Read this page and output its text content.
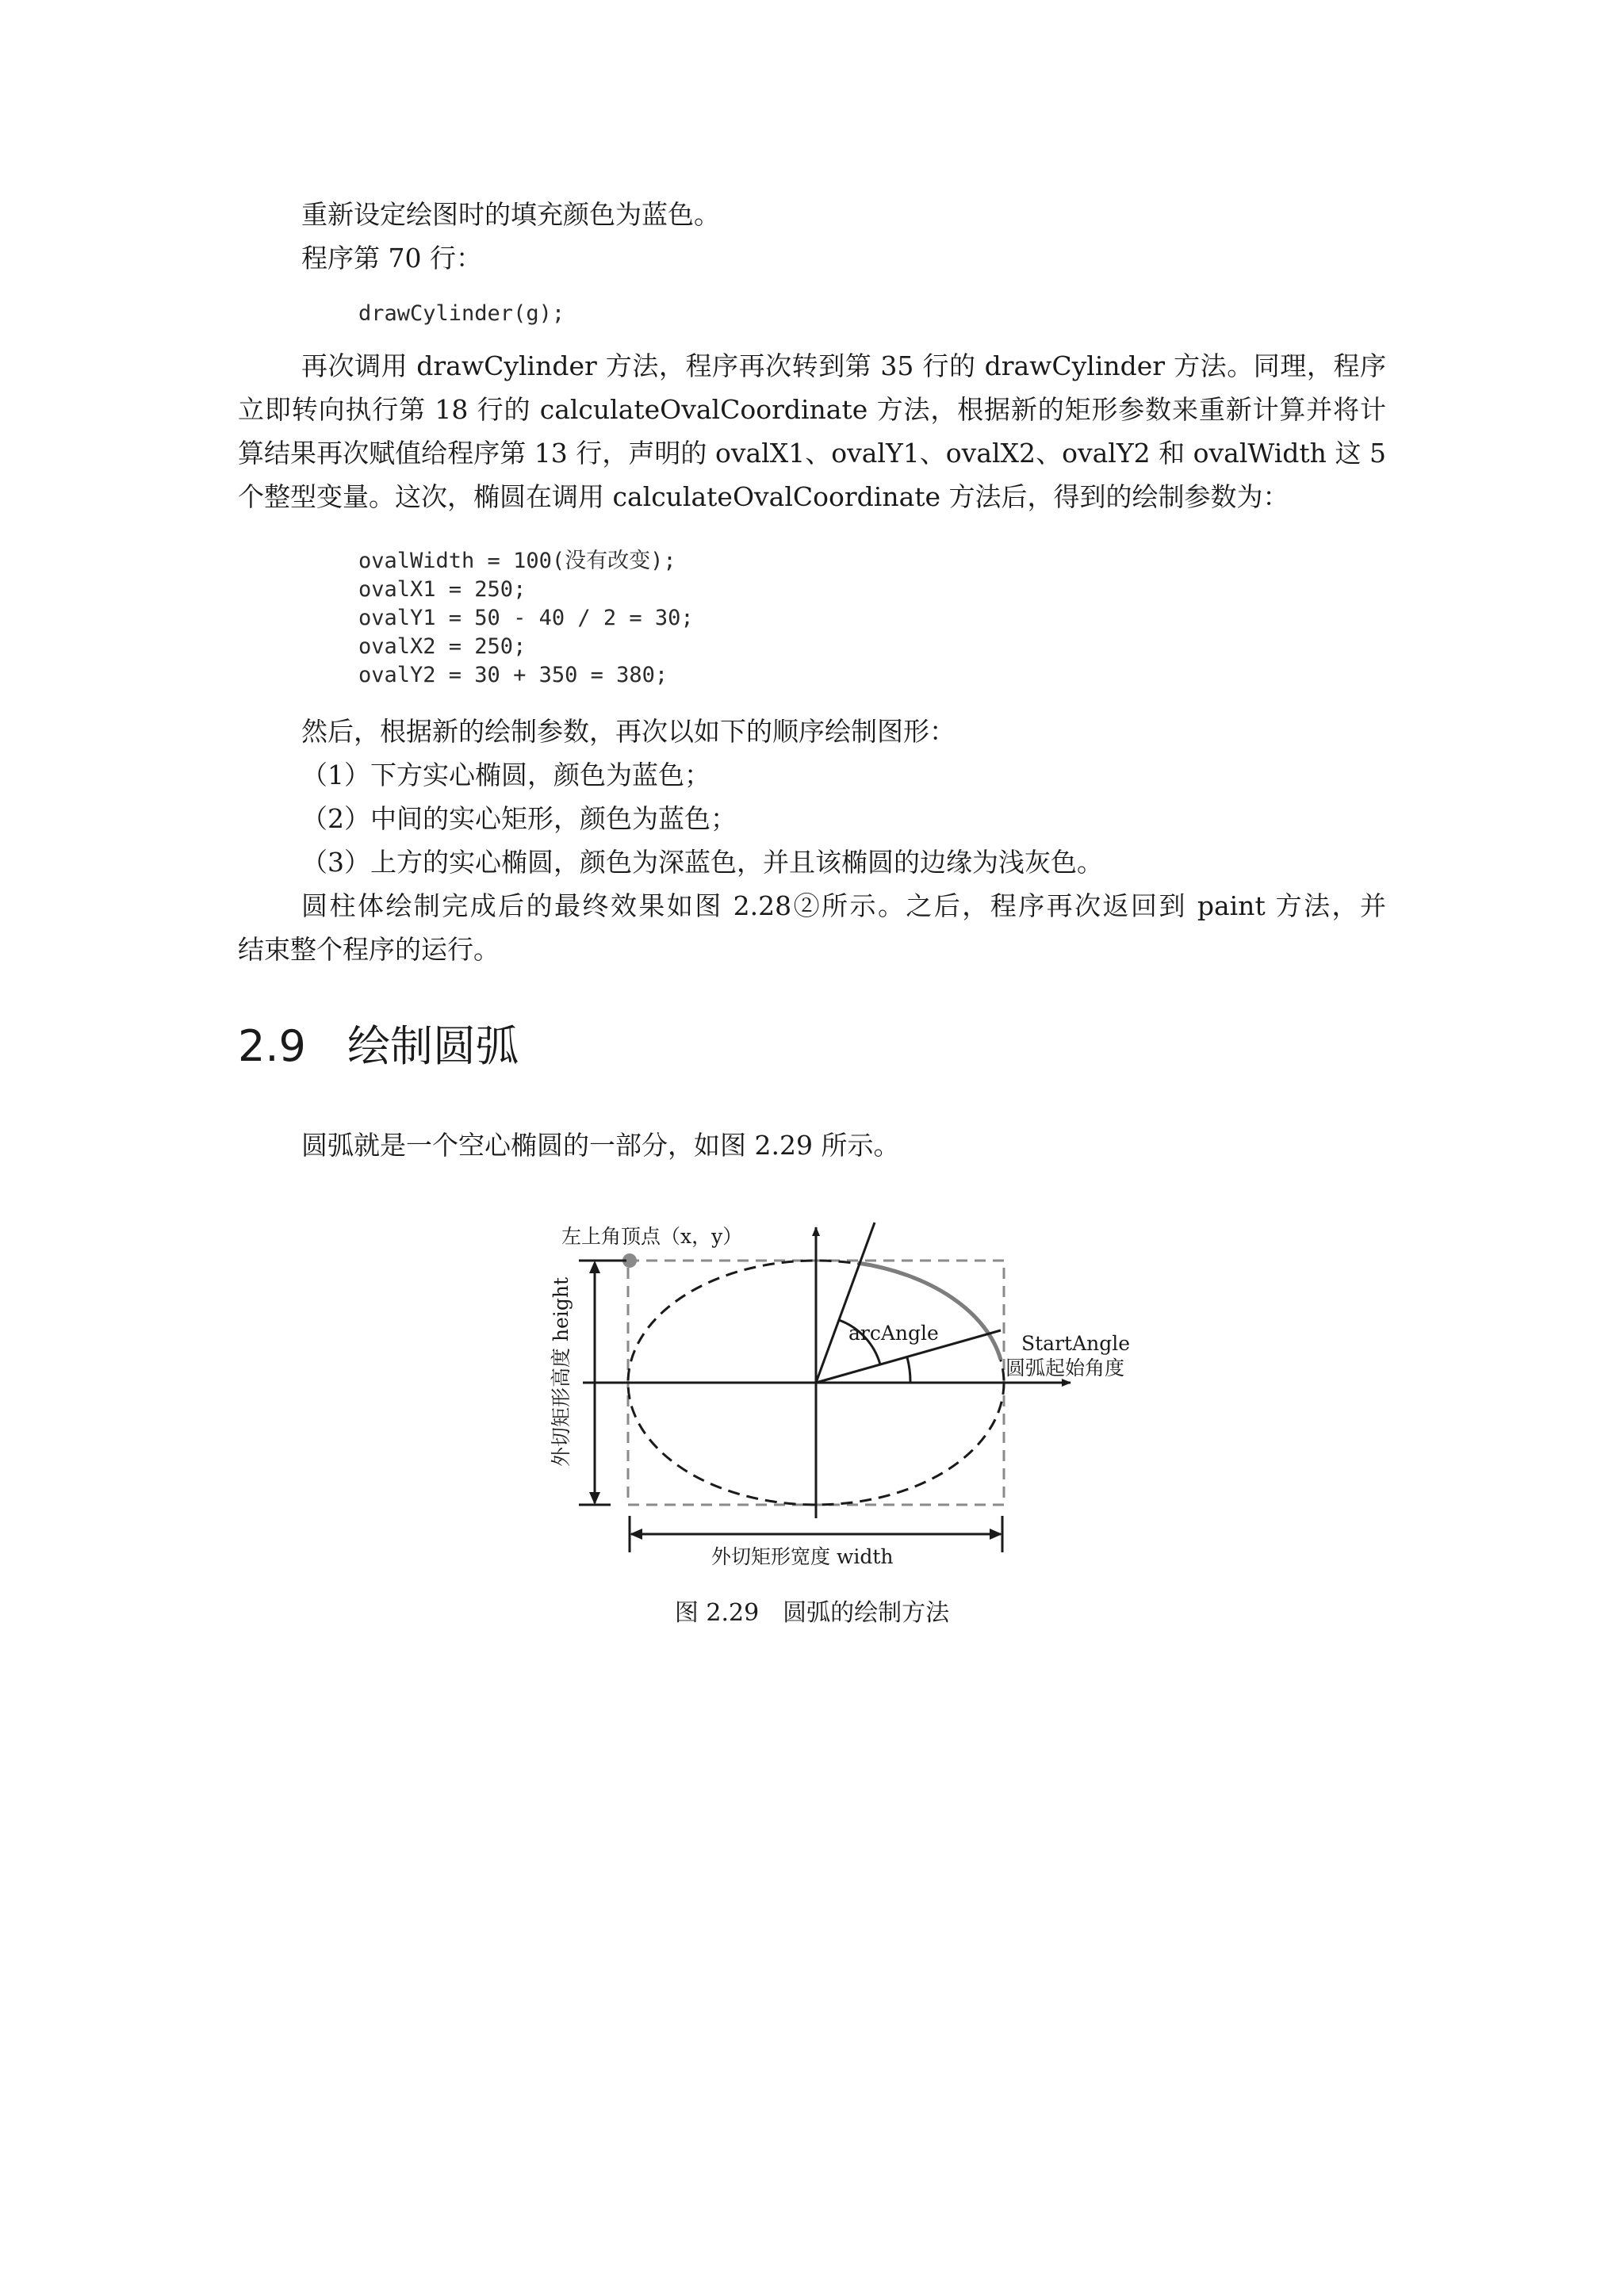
重新设定绘图时的填充颜色为蓝色。
程序第 70 行：
drawCylinder(g);
再次调用 drawCylinder 方法，程序再次转到第 35 行的 drawCylinder 方法。同理，程序
立即转向执行第 18 行的 calculateOvalCoordinate 方法，根据新的矩形参数来重新计算并将计
算结果再次赋值给程序第 13 行，声明的 ovalX1、ovalY1、ovalX2、ovalY2 和 ovalWidth 这 5
个整型变量。这次，椭圆在调用 calculateOvalCoordinate 方法后，得到的绘制参数为：
ovalWidth = 100(没有改变);
ovalX1 = 250;
ovalY1 = 50 - 40 / 2 = 30;
ovalX2 = 250;
ovalY2 = 30 + 350 = 380;
然后，根据新的绘制参数，再次以如下的顺序绘制图形：
（1）下方实心椭圆，颜色为蓝色；
（2）中间的实心矩形，颜色为蓝色；
（3）上方的实心椭圆，颜色为深蓝色，并且该椭圆的边缘为浅灰色。
圆柱体绘制完成后的最终效果如图 2.28②所示。之后，程序再次返回到 paint 方法，并
结束整个程序的运行。
2.9 绘制圆弧
圆弧就是一个空心椭圆的一部分，如图 2.29 所示。
左上角顶点（x，y）
arcAngle	StartAngle
圆弧起始角度
外切矩形高度 height
外切矩形宽度 width
图 2.29　圆弧的绘制方法
